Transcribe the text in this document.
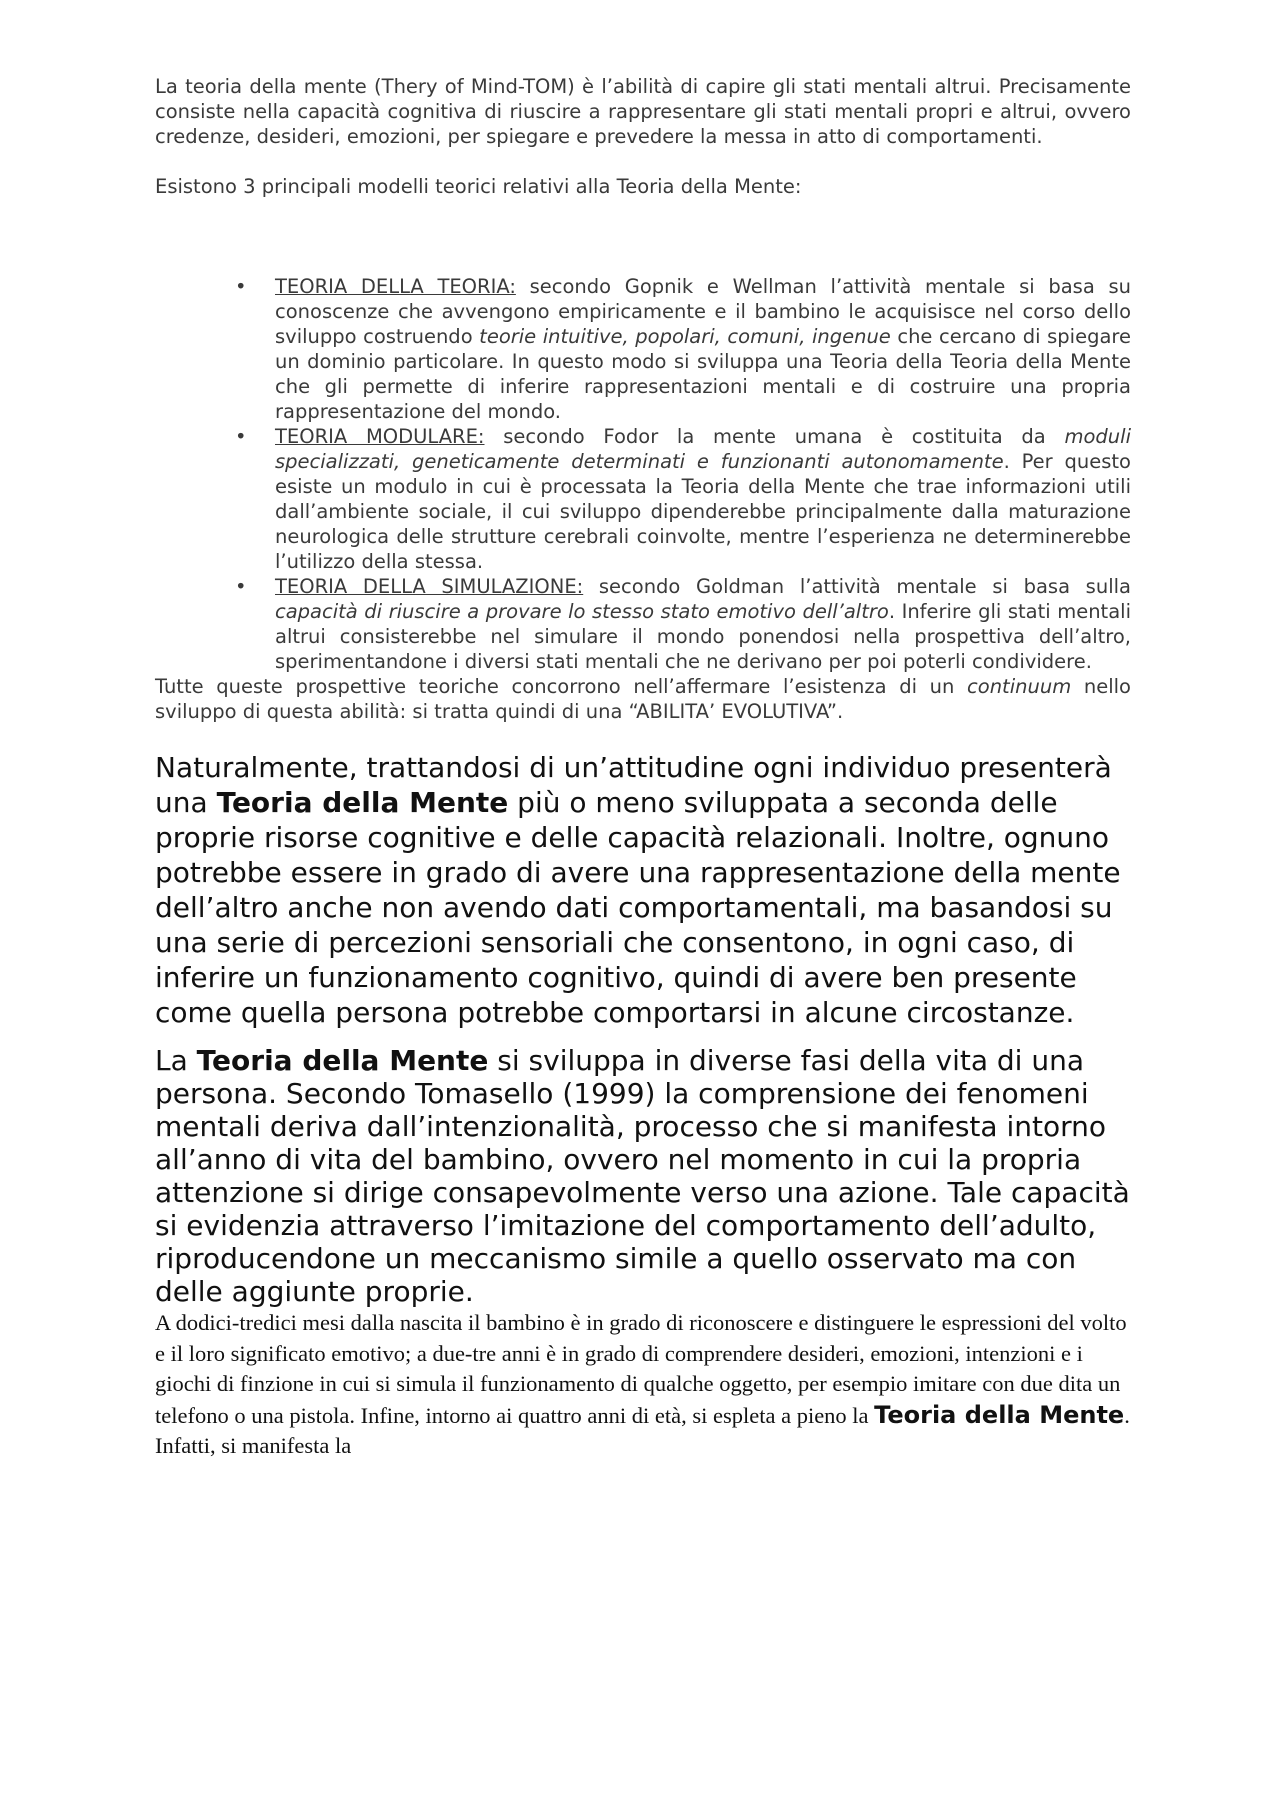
La teoria della mente (Thery of Mind-TOM) è l’abilità di capire gli stati mentali altrui. Precisamente consiste nella capacità cognitiva di riuscire a rappresentare gli stati mentali propri e altrui, ovvero credenze, desideri, emozioni, per spiegare e prevedere la messa in atto di comportamenti.

Esistono 3 principali modelli teorici relativi alla Teoria della Mente:

• TEORIA DELLA TEORIA: secondo Gopnik e Wellman l’attività mentale si basa su conoscenze che avvengono empiricamente e il bambino le acquisisce nel corso dello sviluppo costruendo teorie intuitive, popolari, comuni, ingenue che cercano di spiegare un dominio particolare. In questo modo si sviluppa una Teoria della Teoria della Mente che gli permette di inferire rappresentazioni mentali e di costruire una propria rappresentazione del mondo.
• TEORIA MODULARE: secondo Fodor la mente umana è costituita da moduli specializzati, geneticamente determinati e funzionanti autonomamente. Per questo esiste un modulo in cui è processata la Teoria della Mente che trae informazioni utili dall’ambiente sociale, il cui sviluppo dipenderebbe principalmente dalla maturazione neurologica delle strutture cerebrali coinvolte, mentre l’esperienza ne determinerebbe l’utilizzo della stessa.
• TEORIA DELLA SIMULAZIONE: secondo Goldman l’attività mentale si basa sulla capacità di riuscire a provare lo stesso stato emotivo dell’altro. Inferire gli stati mentali altrui consisterebbe nel simulare il mondo ponendosi nella prospettiva dell’altro, sperimentandone i diversi stati mentali che ne derivano per poi poterli condividere.

Tutte queste prospettive teoriche concorrono nell’affermare l’esistenza di un continuum nello sviluppo di questa abilità: si tratta quindi di una “ABILITA’ EVOLUTIVA”.

Naturalmente, trattandosi di un’attitudine ogni individuo presenterà una Teoria della Mente più o meno sviluppata a seconda delle proprie risorse cognitive e delle capacità relazionali. Inoltre, ognuno potrebbe essere in grado di avere una rappresentazione della mente dell’altro anche non avendo dati comportamentali, ma basandosi su una serie di percezioni sensoriali che consentono, in ogni caso, di inferire un funzionamento cognitivo, quindi di avere ben presente come quella persona potrebbe comportarsi in alcune circostanze.

La Teoria della Mente si sviluppa in diverse fasi della vita di una persona. Secondo Tomasello (1999) la comprensione dei fenomeni mentali deriva dall’intenzionalità, processo che si manifesta intorno all’anno di vita del bambino, ovvero nel momento in cui la propria attenzione si dirige consapevolmente verso una azione. Tale capacità si evidenzia attraverso l’imitazione del comportamento dell’adulto, riproducendone un meccanismo simile a quello osservato ma con delle aggiunte proprie.

A dodici-tredici mesi dalla nascita il bambino è in grado di riconoscere e distinguere le espressioni del volto e il loro significato emotivo; a due-tre anni è in grado di comprendere desideri, emozioni, intenzioni e i giochi di finzione in cui si simula il funzionamento di qualche oggetto, per esempio imitare con due dita un telefono o una pistola. Infine, intorno ai quattro anni di età, si espleta a pieno la Teoria della Mente. Infatti, si manifesta la
